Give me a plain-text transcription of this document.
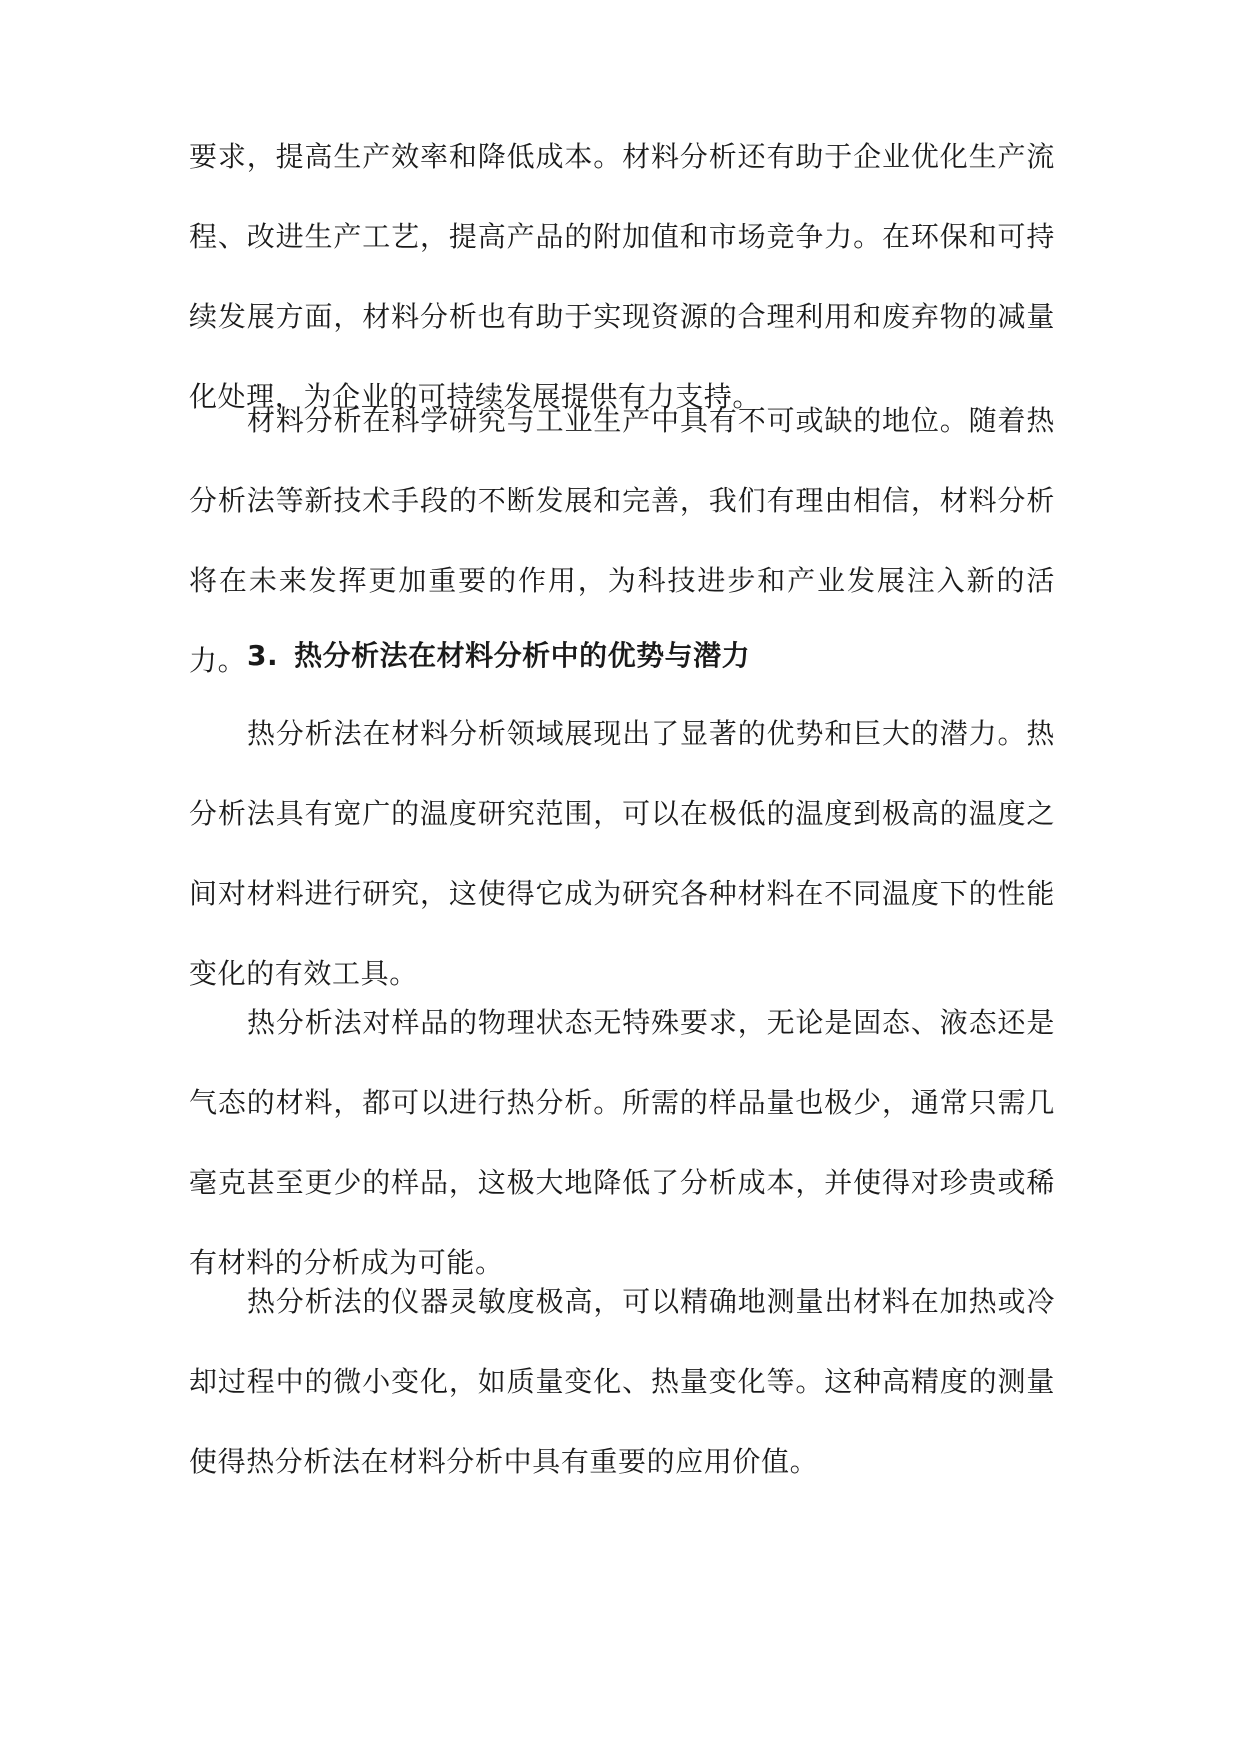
要求，提高生产效率和降低成本。材料分析还有助于企业优化生产流程、改进生产工艺，提高产品的附加值和市场竞争力。在环保和可持续发展方面，材料分析也有助于实现资源的合理利用和废弃物的减量化处理，为企业的可持续发展提供有力支持。

材料分析在科学研究与工业生产中具有不可或缺的地位。随着热分析法等新技术手段的不断发展和完善，我们有理由相信，材料分析将在未来发挥更加重要的作用，为科技进步和产业发展注入新的活力。 3. 热分析法在材料分析中的优势与潜力

热分析法在材料分析领域展现出了显著的优势和巨大的潜力。热分析法具有宽广的温度研究范围，可以在极低的温度到极高的温度之间对材料进行研究，这使得它成为研究各种材料在不同温度下的性能变化的有效工具。

热分析法对样品的物理状态无特殊要求，无论是固态、液态还是气态的材料，都可以进行热分析。所需的样品量也极少，通常只需几毫克甚至更少的样品，这极大地降低了分析成本，并使得对珍贵或稀有材料的分析成为可能。

热分析法的仪器灵敏度极高，可以精确地测量出材料在加热或冷却过程中的微小变化，如质量变化、热量变化等。这种高精度的测量使得热分析法在材料分析中具有重要的应用价值。
